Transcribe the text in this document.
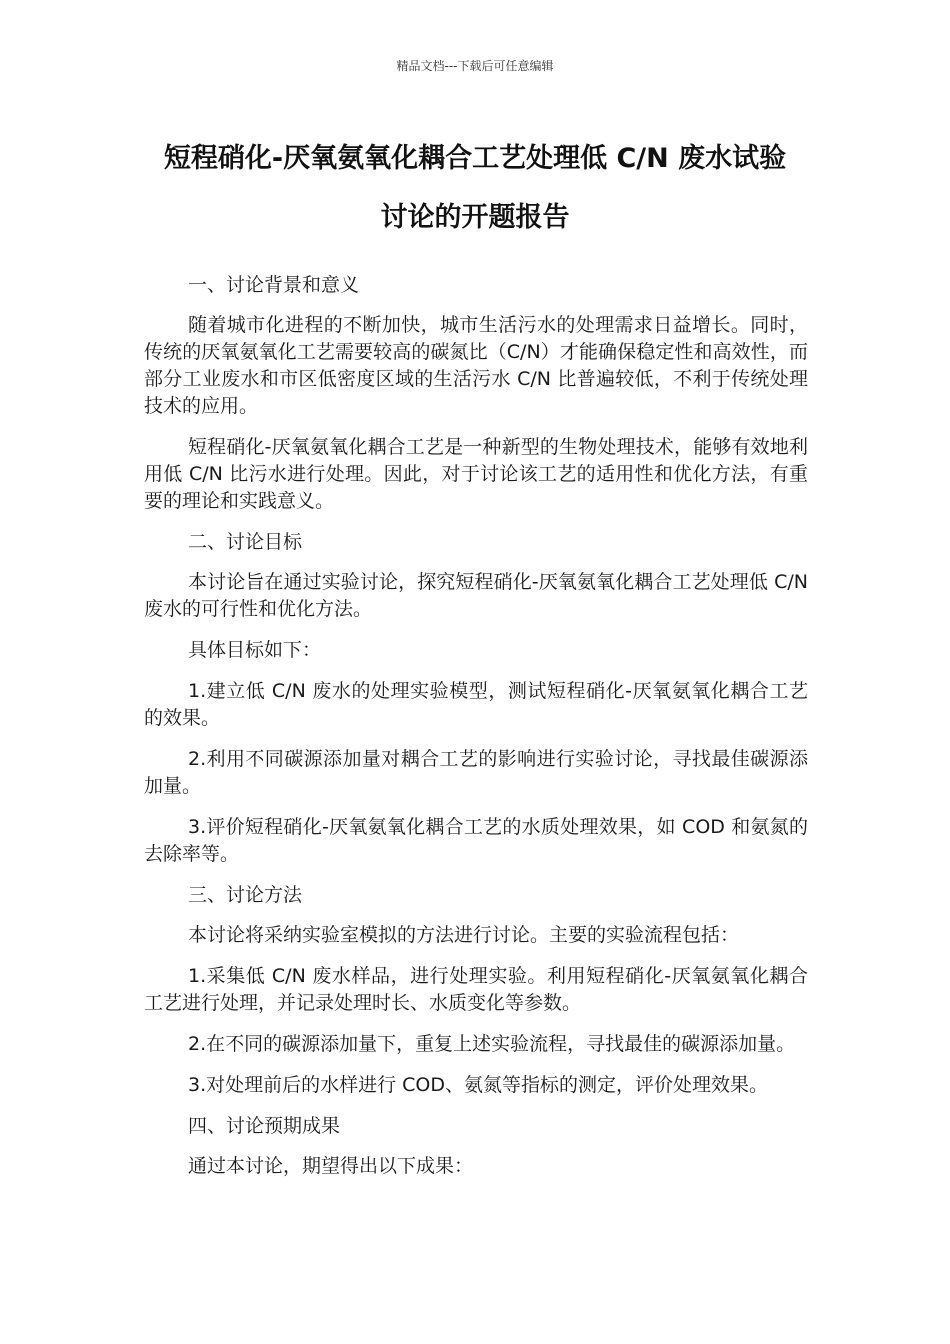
精品文档---下载后可任意编辑
短程硝化-厌氧氨氧化耦合工艺处理低 C/N 废水试验
讨论的开题报告

一、讨论背景和意义

随着城市化进程的不断加快，城市生活污水的处理需求日益增长。同时，传统的厌氧氨氧化工艺需要较高的碳氮比（C/N）才能确保稳定性和高效性，而部分工业废水和市区低密度区域的生活污水 C/N 比普遍较低，不利于传统处理技术的应用。

短程硝化-厌氧氨氧化耦合工艺是一种新型的生物处理技术，能够有效地利用低 C/N 比污水进行处理。因此，对于讨论该工艺的适用性和优化方法，有重要的理论和实践意义。

二、讨论目标

本讨论旨在通过实验讨论，探究短程硝化-厌氧氨氧化耦合工艺处理低 C/N 废水的可行性和优化方法。

具体目标如下：

1.建立低 C/N 废水的处理实验模型，测试短程硝化-厌氧氨氧化耦合工艺的效果。

2.利用不同碳源添加量对耦合工艺的影响进行实验讨论，寻找最佳碳源添加量。

3.评价短程硝化-厌氧氨氧化耦合工艺的水质处理效果，如 COD 和氨氮的去除率等。

三、讨论方法

本讨论将采纳实验室模拟的方法进行讨论。主要的实验流程包括：

1.采集低 C/N 废水样品，进行处理实验。利用短程硝化-厌氧氨氧化耦合工艺进行处理，并记录处理时长、水质变化等参数。

2.在不同的碳源添加量下，重复上述实验流程，寻找最佳的碳源添加量。

3.对处理前后的水样进行 COD、氨氮等指标的测定，评价处理效果。

四、讨论预期成果

通过本讨论，期望得出以下成果：
